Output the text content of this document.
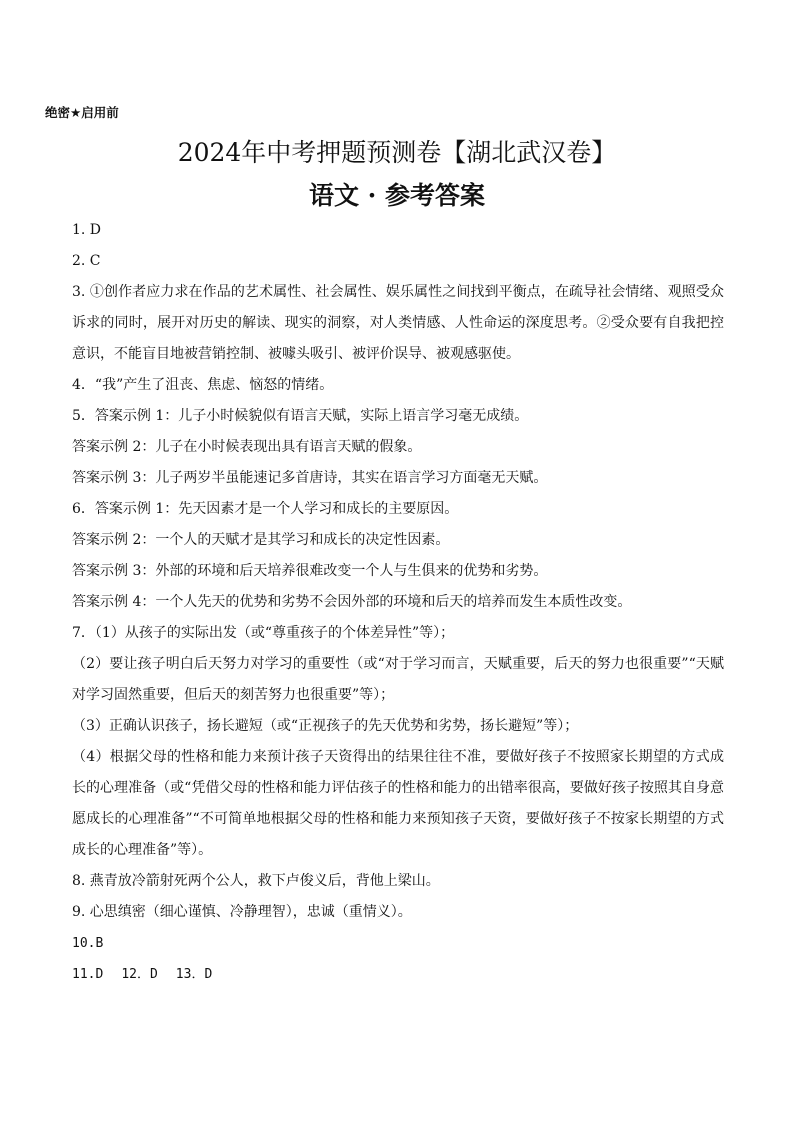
绝密★启用前
2024年中考押题预测卷【湖北武汉卷】
语文 · 参考答案
1. D
2. C
3. ①创作者应力求在作品的艺术属性、社会属性、娱乐属性之间找到平衡点，在疏导社会情绪、观照受众诉求的同时，展开对历史的解读、现实的洞察，对人类情感、人性命运的深度思考。②受众要有自我把控意识，不能盲目地被营销控制、被噱头吸引、被评价误导、被观感驱使。
4．“我”产生了沮丧、焦虑、恼怒的情绪。
5．答案示例 1：儿子小时候貌似有语言天赋，实际上语言学习毫无成绩。
答案示例 2：儿子在小时候表现出具有语言天赋的假象。
答案示例 3：儿子两岁半虽能速记多首唐诗，其实在语言学习方面毫无天赋。
6．答案示例 1：先天因素才是一个人学习和成长的主要原因。
答案示例 2：一个人的天赋才是其学习和成长的决定性因素。
答案示例 3：外部的环境和后天培养很难改变一个人与生俱来的优势和劣势。
答案示例 4：一个人先天的优势和劣势不会因外部的环境和后天的培养而发生本质性改变。
7．（1）从孩子的实际出发（或“尊重孩子的个体差异性”等）；
（2）要让孩子明白后天努力对学习的重要性（或“对于学习而言，天赋重要，后天的努力也很重要”“天赋对学习固然重要，但后天的刻苦努力也很重要”等）；
（3）正确认识孩子，扬长避短（或“正视孩子的先天优势和劣势，扬长避短”等）；
（4）根据父母的性格和能力来预计孩子天资得出的结果往往不准，要做好孩子不按照家长期望的方式成长的心理准备（或“凭借父母的性格和能力评估孩子的性格和能力的出错率很高，要做好孩子按照其自身意愿成长的心理准备”“不可简单地根据父母的性格和能力来预知孩子天资，要做好孩子不按家长期望的方式成长的心理准备”等）。
8. 燕青放冷箭射死两个公人，救下卢俊义后，背他上梁山。
9. 心思缜密（细心谨慎、冷静理智），忠诚（重情义）。
10.B
11.D 12．D 13．D
